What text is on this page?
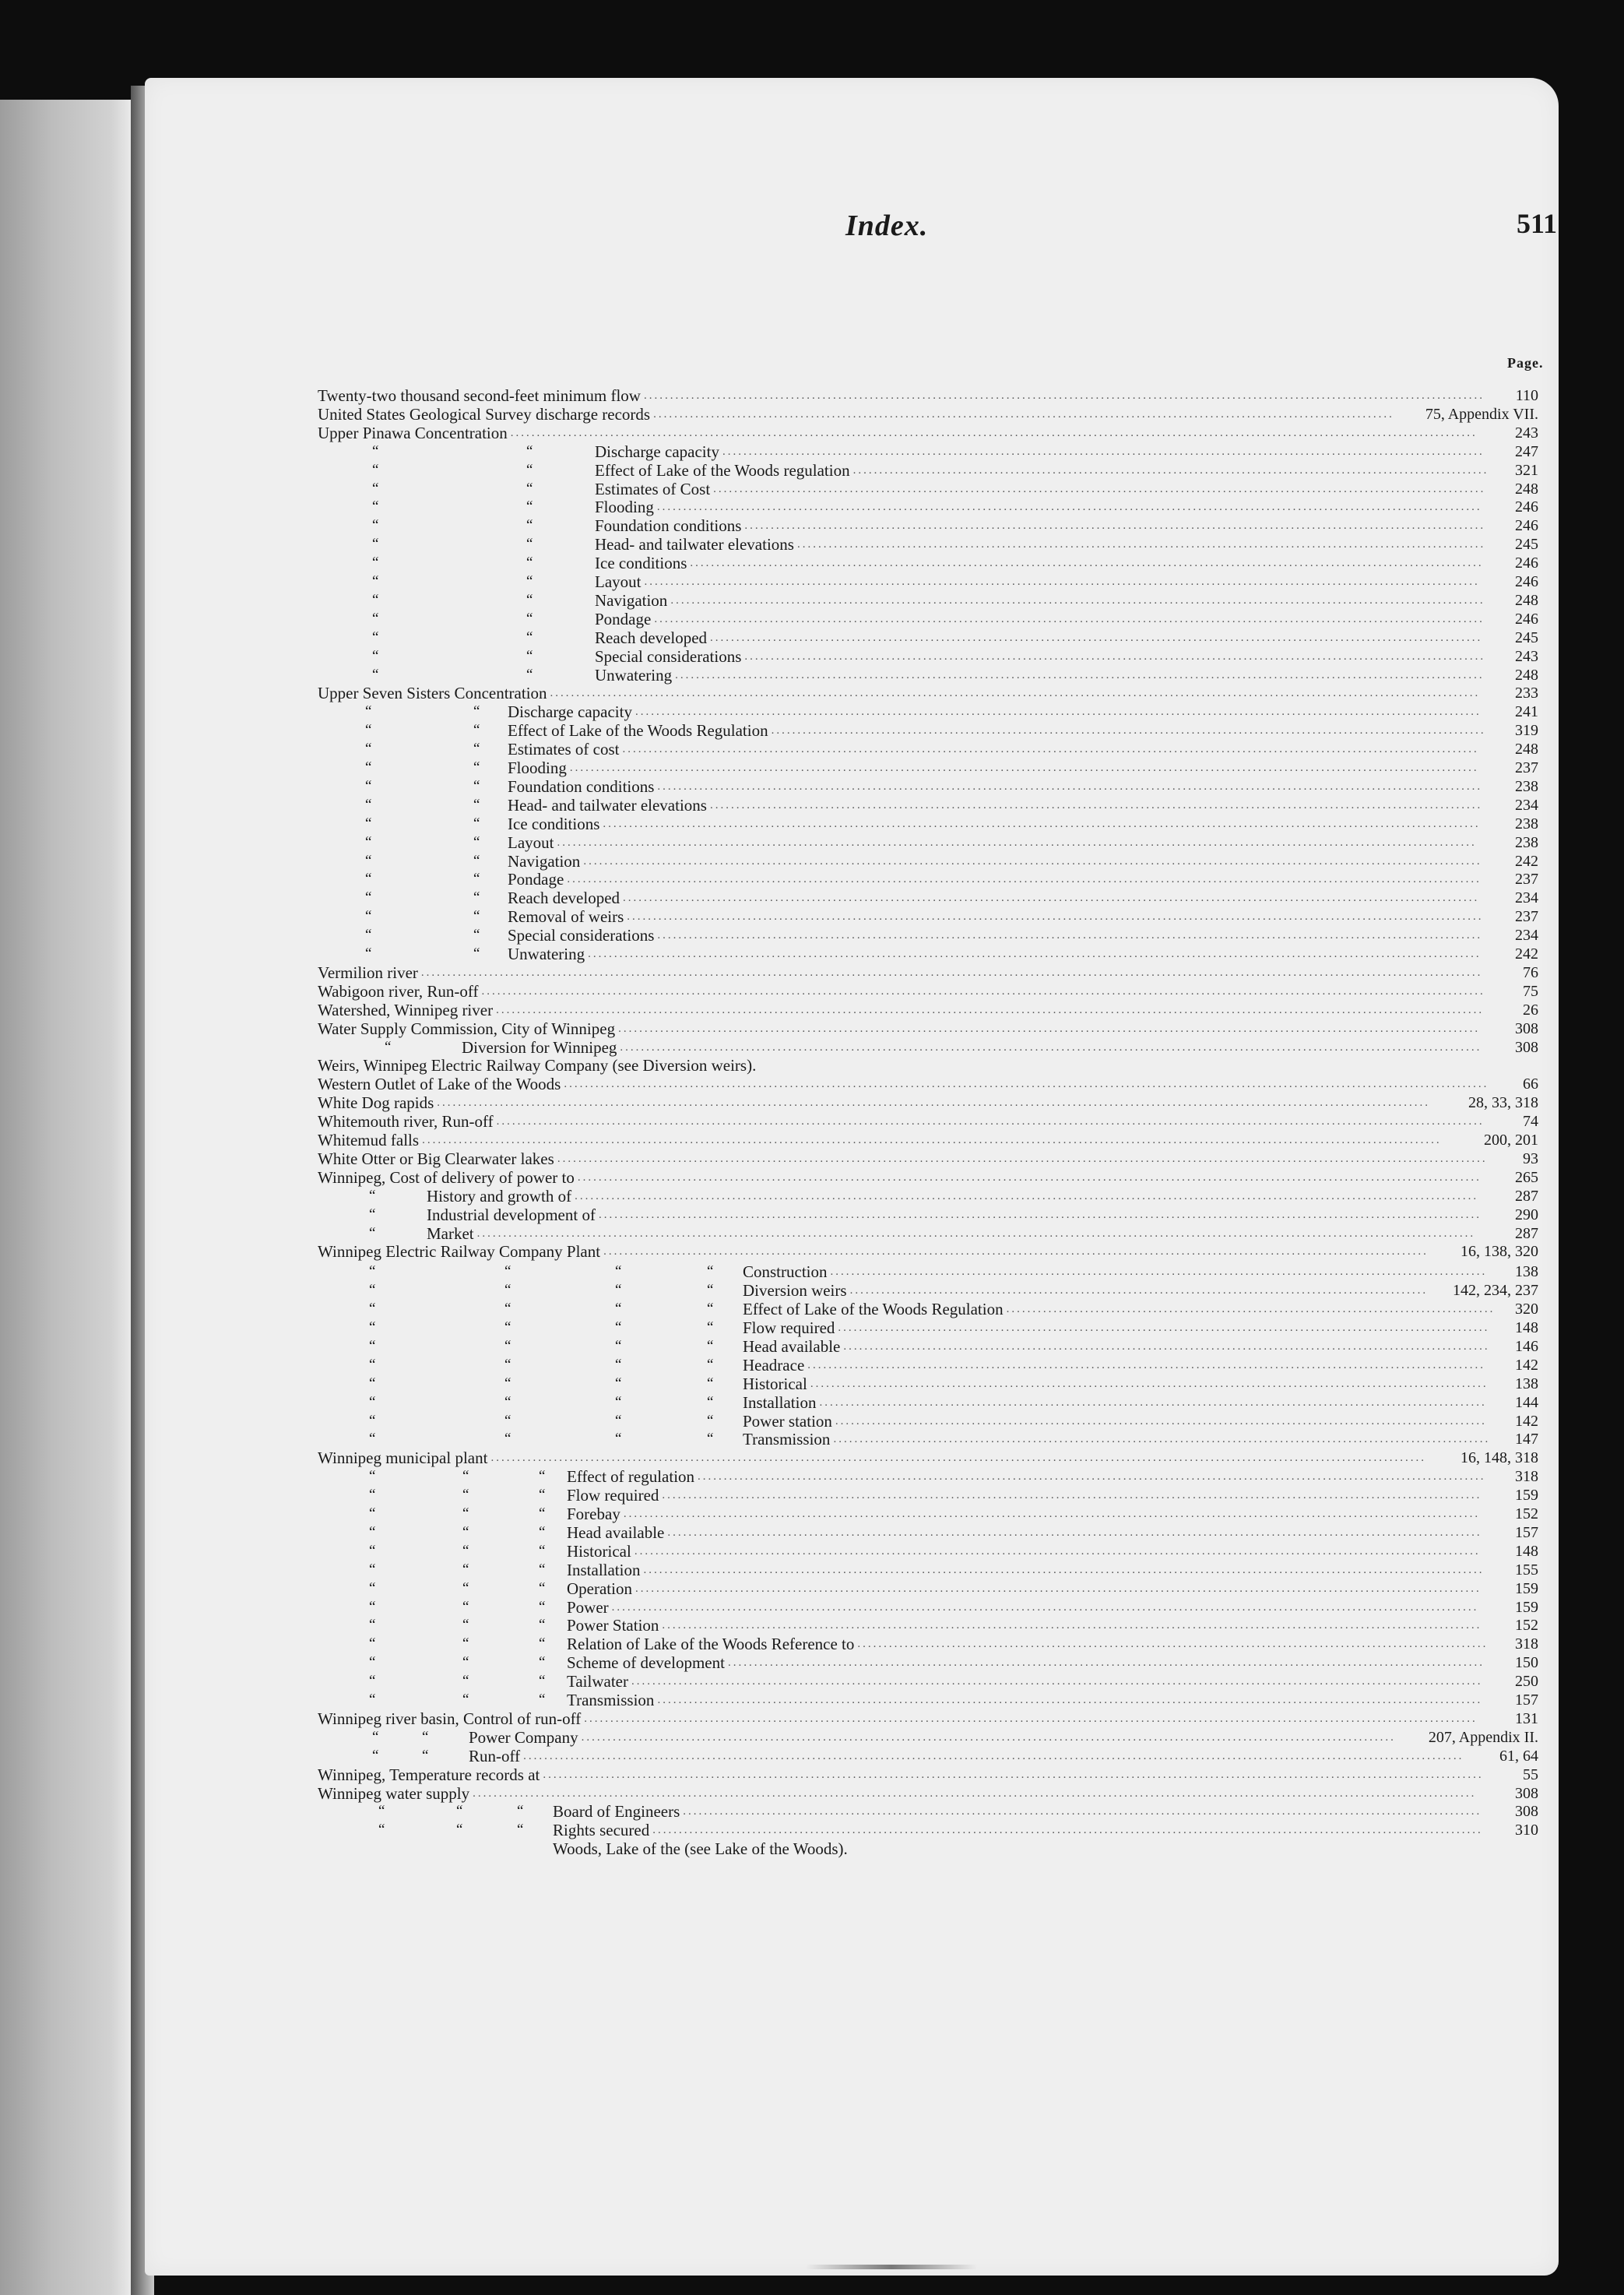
Index.	511
Page.
Twenty-two thousand second-feet minimum flow	110
................................................................................................................................................................
United States Geological Survey discharge records	75, Appendix VII.
.............................................................................................................................................
Upper Pinawa Concentration	243
........................................................................................................................................................................................
“	“	Discharge capacity	247
.................................................................................................................................................
“	“	Effect of Lake of the Woods regulation	321
.........................................................................................................................
“	“	Estimates of Cost	248
...................................................................................................................................................
“	“	Flooding	246
.............................................................................................................................................................
“	“	Foundation conditions	246
.............................................................................................................................................
“	“	Head- and tailwater elevations	245
...................................................................................................................................
“	“	Ice conditions	246
.......................................................................................................................................................
“	“	Layout	246
...............................................................................................................................................................
“	“	Navigation	248
...........................................................................................................................................................
“	“	Pondage	246
..............................................................................................................................................................
“	“	Reach developed	245
...................................................................................................................................................
“	“	Special considerations	243
.............................................................................................................................................
“	“	Unwatering	248
..........................................................................................................................................................
Upper Seven Sisters Concentration	233
.................................................................................................................................................................................
“	“ Discharge capacity	241
.................................................................................................................................................................
“	“ Effect of Lake of the Woods Regulation	319
........................................................................................................................................
“	“ Estimates of cost	248
...................................................................................................................................................................
“	“ Flooding	237
.............................................................................................................................................................................
“	“ Foundation conditions	238
.............................................................................................................................................................
“	“ Head- and tailwater elevations	234
...................................................................................................................................................
“	“ Ice conditions	238
.......................................................................................................................................................................
“	“ Layout	238
...............................................................................................................................................................................
“	“ Navigation	242
...........................................................................................................................................................................
“	“ Pondage	237
..............................................................................................................................................................................
“	“ Reach developed	234
...................................................................................................................................................................
“	“ Removal of weirs	237
...................................................................................................................................................................
“	“ Special considerations	234
.............................................................................................................................................................
“	“ Unwatering	242
..........................................................................................................................................................................
Vermilion river	76
..........................................................................................................................................................................................................
Wabigoon river, Run-off	75
...............................................................................................................................................................................................
Watershed, Winnipeg river	26
............................................................................................................................................................................................
Water Supply Commission, City of Winnipeg	308
....................................................................................................................................................................
“	Diversion for Winnipeg	308
....................................................................................................................................................................
Weirs, Winnipeg Electric Railway Company (see Diversion weirs).
Western Outlet of Lake of the Woods	66
................................................................................................................................................................................
White Dog rapids	28, 33, 318
.............................................................................................................................................................................................
Whitemouth river, Run-off	74
............................................................................................................................................................................................
Whitemud falls	200, 201
..................................................................................................................................................................................................
White Otter or Big Clearwater lakes	93
.................................................................................................................................................................................
Winnipeg, Cost of delivery of power to	265
............................................................................................................................................................................
“	History and growth of	287
............................................................................................................................................................................
“	Industrial development of	290
........................................................................................................................................................................
“	Market	287
..............................................................................................................................................................................................
Winnipeg Electric Railway Company Plant	16, 138, 320
.............................................................................................................................................................
“	“	“	“ Construction	138
.............................................................................................................................
“	“	“	“ Diversion weirs	142, 234, 237
..............................................................................................................
“	“	“	“ Effect of Lake of the Woods Regulation	320
.............................................................................................
“	“	“	“ Flow required	148
............................................................................................................................
“	“	“	“ Head available	146
...........................................................................................................................
“	“	“	“ Headrace	142
.................................................................................................................................
“	“	“	“ Historical	138
.................................................................................................................................
“	“	“	“ Installation	144
...............................................................................................................................
“	“	“	“ Power station	142
............................................................................................................................
“	“	“	“ Transmission	147
.............................................................................................................................
Winnipeg municipal plant	16, 148, 318
..................................................................................................................................................................................
“	“	“ Effect of regulation	318
......................................................................................................................................................
“	“	“ Flow required	159
............................................................................................................................................................
“	“	“ Forebay	152
...................................................................................................................................................................
“	“	“ Head available	157
...........................................................................................................................................................
“	“	“ Historical	148
.................................................................................................................................................................
“	“	“ Installation	155
................................................................................................................................................................
“	“	“ Operation	159
.................................................................................................................................................................
“	“	“ Power	159
.....................................................................................................................................................................
“	“	“ Power Station	152
............................................................................................................................................................
“	“	“ Relation of Lake of the Woods Reference to	318
........................................................................................................................
“	“	“ Scheme of development	150
................................................................................................................................................
“	“	“ Tailwater	250
..................................................................................................................................................................
“	“	“ Transmission	157
.............................................................................................................................................................
Winnipeg river basin, Control of run-off	131
..........................................................................................................................................................................
“	“ Power Company	207, Appendix II.
...........................................................................................................................................................
“	“ Run-off	61, 64
...................................................................................................................................................................................
Winnipeg, Temperature records at	55
...................................................................................................................................................................................
Winnipeg water supply	308
...............................................................................................................................................................................................
“	“	“ Board of Engineers	308
........................................................................................................................................................
“	“	“ Rights secured	310
..............................................................................................................................................................
Woods, Lake of the (see Lake of the Woods).
